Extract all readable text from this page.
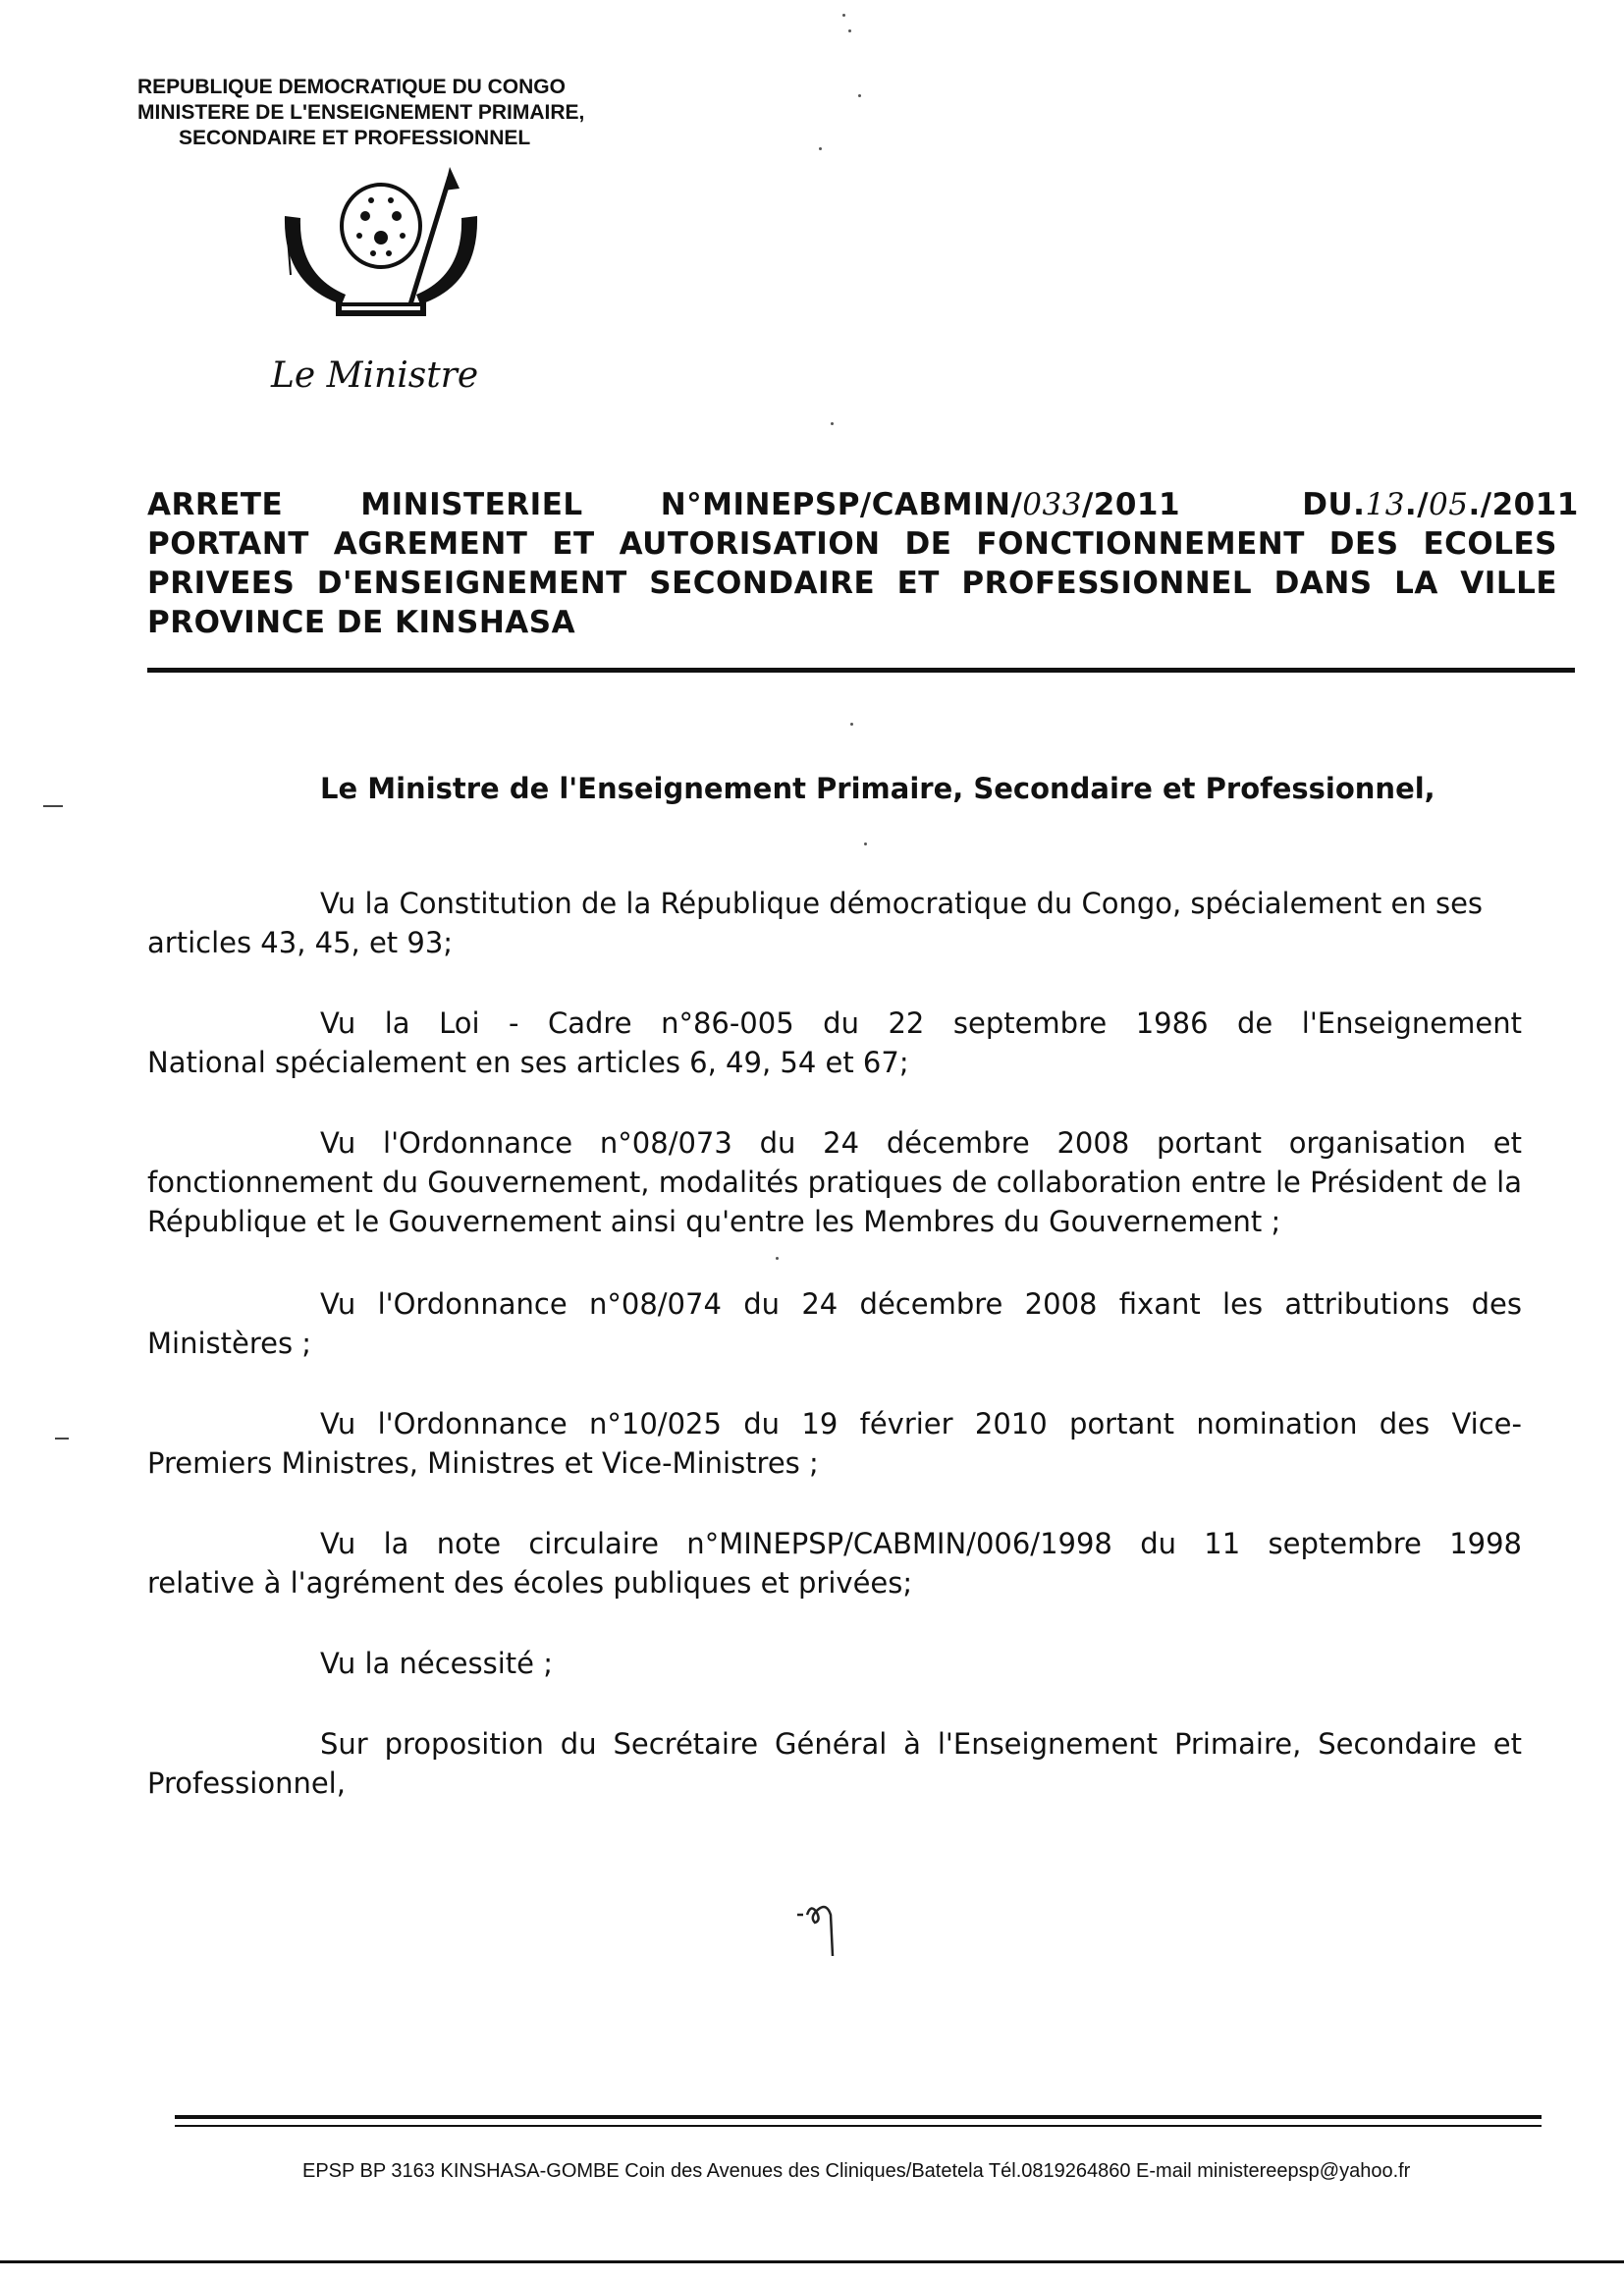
REPUBLIQUE DEMOCRATIQUE DU CONGO
MINISTERE DE L'ENSEIGNEMENT PRIMAIRE,
SECONDAIRE ET PROFESSIONNEL
Le Ministre
ARRETE	MINISTERIEL	N°MINEPSP/CABMIN/033/2011	DU.13./05./2011
PORTANT AGREMENT ET AUTORISATION DE FONCTIONNEMENT DES ECOLES
PRIVEES D'ENSEIGNEMENT SECONDAIRE ET PROFESSIONNEL DANS LA VILLE
PROVINCE DE KINSHASA
Le Ministre de l'Enseignement Primaire, Secondaire et Professionnel,
Vu la Constitution de la République démocratique du Congo, spécialement en ses
articles 43, 45, et 93;
Vu la Loi - Cadre n°86-005 du 22 septembre 1986 de l'Enseignement
National spécialement en ses articles 6, 49, 54 et 67;
Vu l'Ordonnance n°08/073 du 24 décembre 2008 portant organisation et
fonctionnement du Gouvernement, modalités pratiques de collaboration entre le Président de la République et le Gouvernement ainsi qu'entre les Membres du Gouvernement ;
Vu l'Ordonnance n°08/074 du 24 décembre 2008 fixant les attributions des
Ministères ;
Vu l'Ordonnance n°10/025 du 19 février 2010 portant nomination des Vice-
Premiers Ministres, Ministres et Vice-Ministres ;
Vu la note circulaire n°MINEPSP/CABMIN/006/1998 du 11 septembre 1998
relative à l'agrément des écoles publiques et privées;
Vu la nécessité ;
Sur proposition du Secrétaire Général à l'Enseignement Primaire, Secondaire et
Professionnel,
EPSP BP 3163 KINSHASA-GOMBE Coin des Avenues des Cliniques/Batetela Tél.0819264860 E-mail ministereepsp@yahoo.fr
